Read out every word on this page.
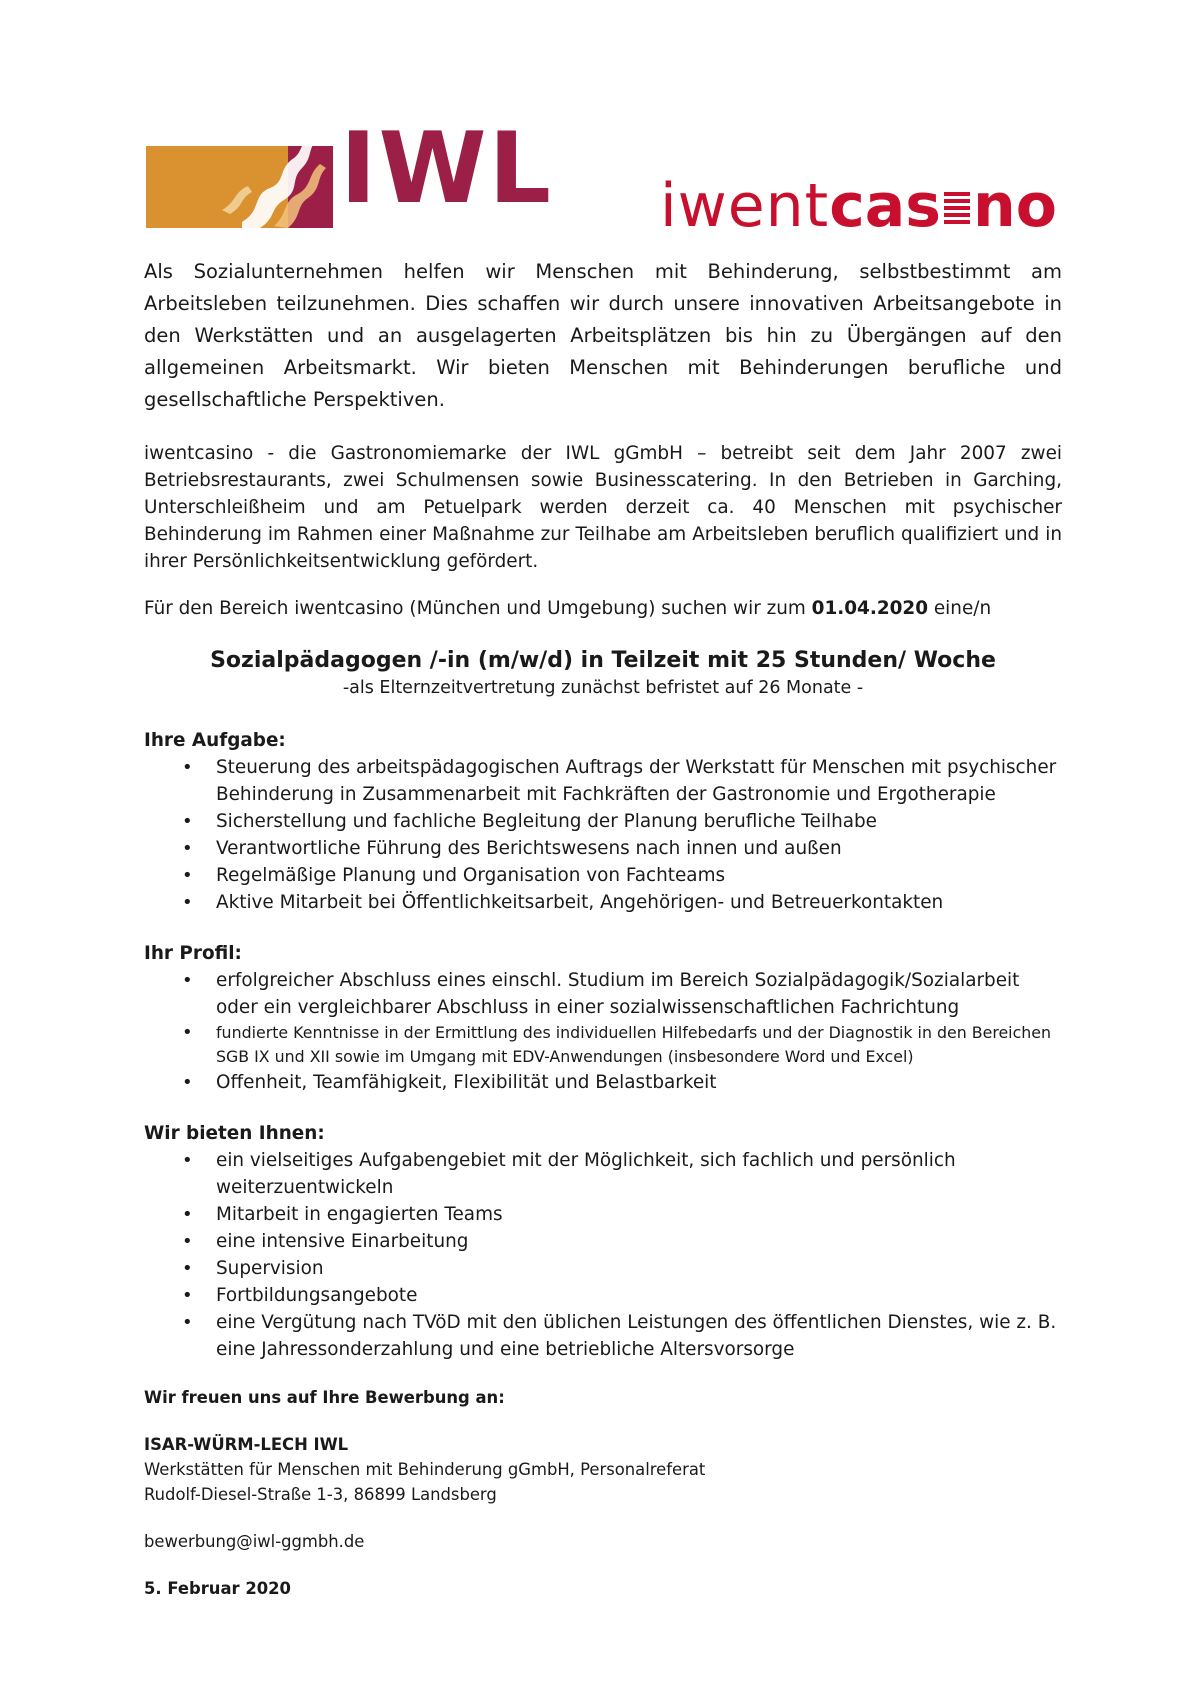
IWL iwentcas no

Als Sozialunternehmen helfen wir Menschen mit Behinderung, selbstbestimmt am Arbeitsleben teilzunehmen. Dies schaffen wir durch unsere innovativen Arbeitsangebote in den Werkstätten und an ausgelagerten Arbeitsplätzen bis hin zu Übergängen auf den allgemeinen Arbeitsmarkt. Wir bieten Menschen mit Behinderungen berufliche und gesellschaftliche Perspektiven.

iwentcasino - die Gastronomiemarke der IWL gGmbH – betreibt seit dem Jahr 2007 zwei Betriebsrestaurants, zwei Schulmensen sowie Businesscatering. In den Betrieben in Garching, Unterschleißheim und am Petuelpark werden derzeit ca. 40 Menschen mit psychischer Behinderung im Rahmen einer Maßnahme zur Teilhabe am Arbeitsleben beruflich qualifiziert und in ihrer Persönlichkeitsentwicklung gefördert.

Für den Bereich iwentcasino (München und Umgebung) suchen wir zum 01.04.2020 eine/n

Sozialpädagogen /-in (m/w/d) in Teilzeit mit 25 Stunden/ Woche
-als Elternzeitvertretung zunächst befristet auf 26 Monate -
Ihre Aufgabe:
• Steuerung des arbeitspädagogischen Auftrags der Werkstatt für Menschen mit psychischer Behinderung in Zusammenarbeit mit Fachkräften der Gastronomie und Ergotherapie
• Sicherstellung und fachliche Begleitung der Planung berufliche Teilhabe
• Verantwortliche Führung des Berichtswesens nach innen und außen
• Regelmäßige Planung und Organisation von Fachteams
• Aktive Mitarbeit bei Öffentlichkeitsarbeit, Angehörigen- und Betreuerkontakten
Ihr Profil:
• erfolgreicher Abschluss eines einschl. Studium im Bereich Sozialpädagogik/Sozialarbeit oder ein vergleichbarer Abschluss in einer sozialwissenschaftlichen Fachrichtung
• fundierte Kenntnisse in der Ermittlung des individuellen Hilfebedarfs und der Diagnostik in den Bereichen SGB IX und XII sowie im Umgang mit EDV-Anwendungen (insbesondere Word und Excel)
• Offenheit, Teamfähigkeit, Flexibilität und Belastbarkeit
Wir bieten Ihnen:
• ein vielseitiges Aufgabengebiet mit der Möglichkeit, sich fachlich und persönlich weiterzuentwickeln
• Mitarbeit in engagierten Teams
• eine intensive Einarbeitung
• Supervision
• Fortbildungsangebote
• eine Vergütung nach TVöD mit den üblichen Leistungen des öffentlichen Dienstes, wie z. B. eine Jahressonderzahlung und eine betriebliche Altersvorsorge
Wir freuen uns auf Ihre Bewerbung an:
ISAR-WÜRM-LECH IWL
Werkstätten für Menschen mit Behinderung gGmbH, Personalreferat
Rudolf-Diesel-Straße 1-3, 86899 Landsberg
bewerbung@iwl-ggmbh.de
5. Februar 2020
